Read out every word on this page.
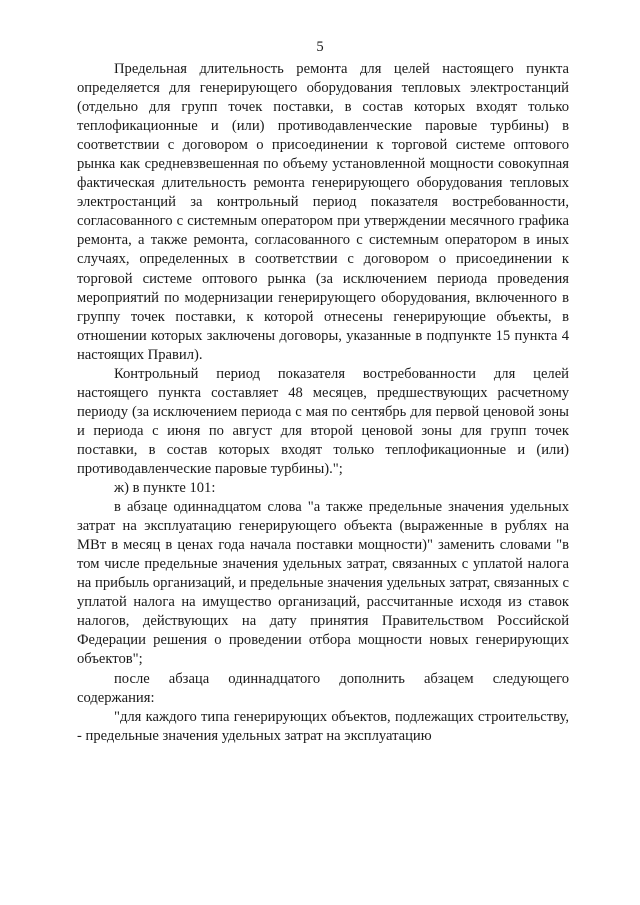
5

Предельная длительность ремонта для целей настоящего пункта определяется для генерирующего оборудования тепловых электростанций (отдельно для групп точек поставки, в состав которых входят только теплофикационные и (или) противодавленческие паровые турбины) в соответствии с договором о присоединении к торговой системе оптового рынка как средневзвешенная по объему установленной мощности совокупная фактическая длительность ремонта генерирующего оборудования тепловых электростанций за контрольный период показателя востребованности, согласованного с системным оператором при утверждении месячного графика ремонта, а также ремонта, согласованного с системным оператором в иных случаях, определенных в соответствии с договором о присоединении к торговой системе оптового рынка (за исключением периода проведения мероприятий по модернизации генерирующего оборудования, включенного в группу точек поставки, к которой отнесены генерирующие объекты, в отношении которых заключены договоры, указанные в подпункте 15 пункта 4 настоящих Правил).

Контрольный период показателя востребованности для целей настоящего пункта составляет 48 месяцев, предшествующих расчетному периоду (за исключением периода с мая по сентябрь для первой ценовой зоны и периода с июня по август для второй ценовой зоны для групп точек поставки, в состав которых входят только теплофикационные и (или) противодавленческие паровые турбины).";

ж) в пункте 101:

в абзаце одиннадцатом слова "а также предельные значения удельных затрат на эксплуатацию генерирующего объекта (выраженные в рублях на МВт в месяц в ценах года начала поставки мощности)" заменить словами "в том числе предельные значения удельных затрат, связанных с уплатой налога на прибыль организаций, и предельные значения удельных затрат, связанных с уплатой налога на имущество организаций, рассчитанные исходя из ставок налогов, действующих на дату принятия Правительством Российской Федерации решения о проведении отбора мощности новых генерирующих объектов";

после абзаца одиннадцатого дополнить абзацем следующего содержания:

"для каждого типа генерирующих объектов, подлежащих строительству, - предельные значения удельных затрат на эксплуатацию
